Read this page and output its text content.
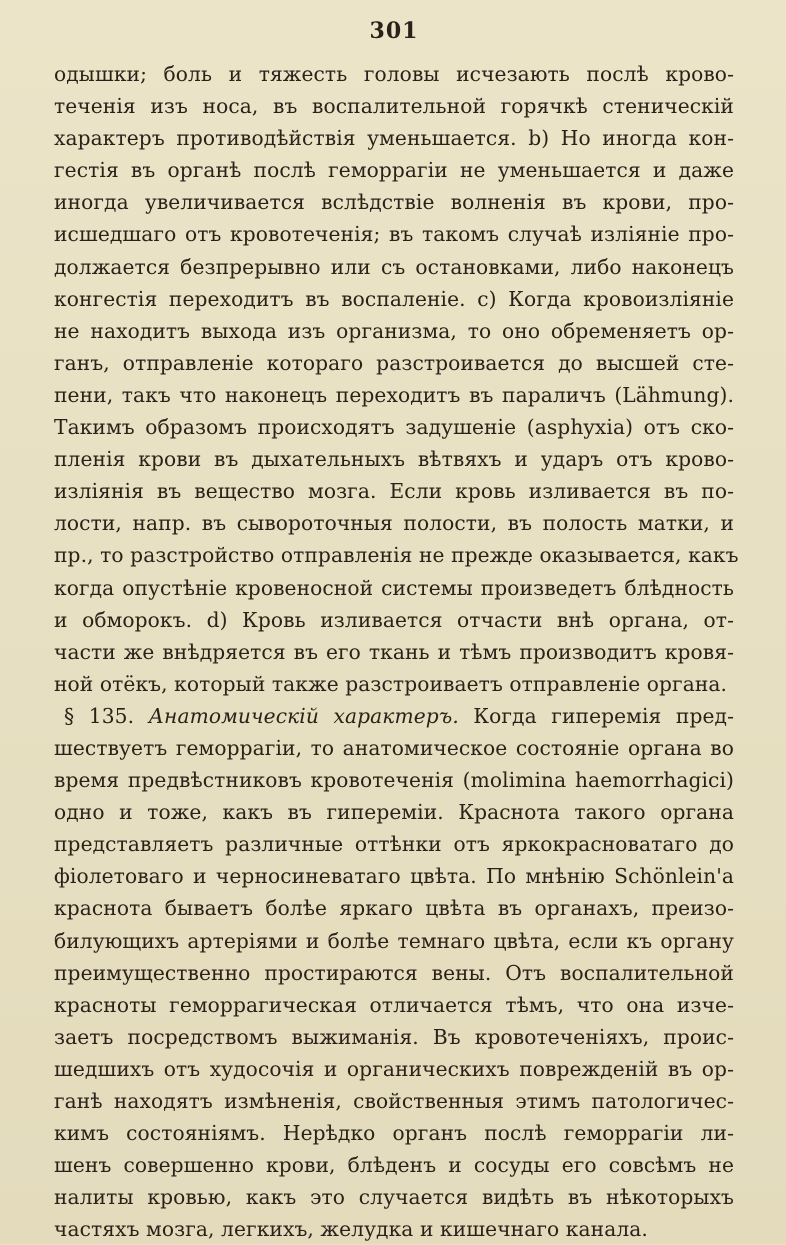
301
одышки; боль и тяжесть головы исчезають послѣ крово-
теченія изъ носа, въ воспалительной горячкѣ стеническій
характеръ противодѣйствія уменьшается. b) Но иногда кон-
гестія въ органѣ послѣ геморрагіи не уменьшается и даже
иногда увеличивается вслѣдствіе волненія въ крови, про-
исшедшаго отъ кровотеченія; въ такомъ случаѣ изліяніе про-
должается безпрерывно или съ остановками, либо наконецъ
конгестія переходитъ въ воспаленіе. c) Когда кровоизліяніе
не находитъ выхода изъ организма, то оно обременяетъ ор-
ганъ, отправленіе котораго разстроивается до высшей сте-
пени, такъ что наконецъ переходитъ въ параличъ (Lähmung).
Такимъ образомъ происходятъ задушеніе (asphyxia) отъ ско-
пленія крови въ дыхательныхъ вѣтвяхъ и ударъ отъ крово-
изліянія въ вещество мозга. Если кровь изливается въ по-
лости, напр. въ сывороточныя полости, въ полость матки, и
пр., то разстройство отправленія не прежде оказывается, какъ
когда опустѣніе кровеносной системы произведетъ блѣдность
и обморокъ. d) Кровь изливается отчасти внѣ органа, от-
части же внѣдряется въ его ткань и тѣмъ производитъ кровя-
ной отёкъ, который также разстроиваетъ отправленіе органа.
§ 135. Анатомическій характеръ. Когда гиперемія пред-
шествуетъ геморрагіи, то анатомическое состояніе органа во
время предвѣстниковъ кровотеченія (molimina haemorrhagici)
одно и тоже, какъ въ гипереміи. Краснота такого органа
представляетъ различные оттѣнки отъ яркокрасноватаго до
фіолетоваго и черносиневатаго цвѣта. По мнѣнію Schönlein'a
краснота бываетъ болѣе яркаго цвѣта въ органахъ, преизо-
билующихъ артеріями и болѣе темнаго цвѣта, если къ органу
преимущественно простираются вены. Отъ воспалительной
красноты геморрагическая отличается тѣмъ, что она изче-
заетъ посредствомъ выжиманія. Въ кровотеченіяхъ, проис-
шедшихъ отъ худосочія и органическихъ поврежденій въ ор-
ганѣ находятъ измѣненія, свойственныя этимъ патологичес-
кимъ состояніямъ. Нерѣдко органъ послѣ геморрагіи ли-
шенъ совершенно крови, блѣденъ и сосуды его совсѣмъ не
налиты кровью, какъ это случается видѣть въ нѣкоторыхъ
частяхъ мозга, легкихъ, желудка и кишечнаго канала.
